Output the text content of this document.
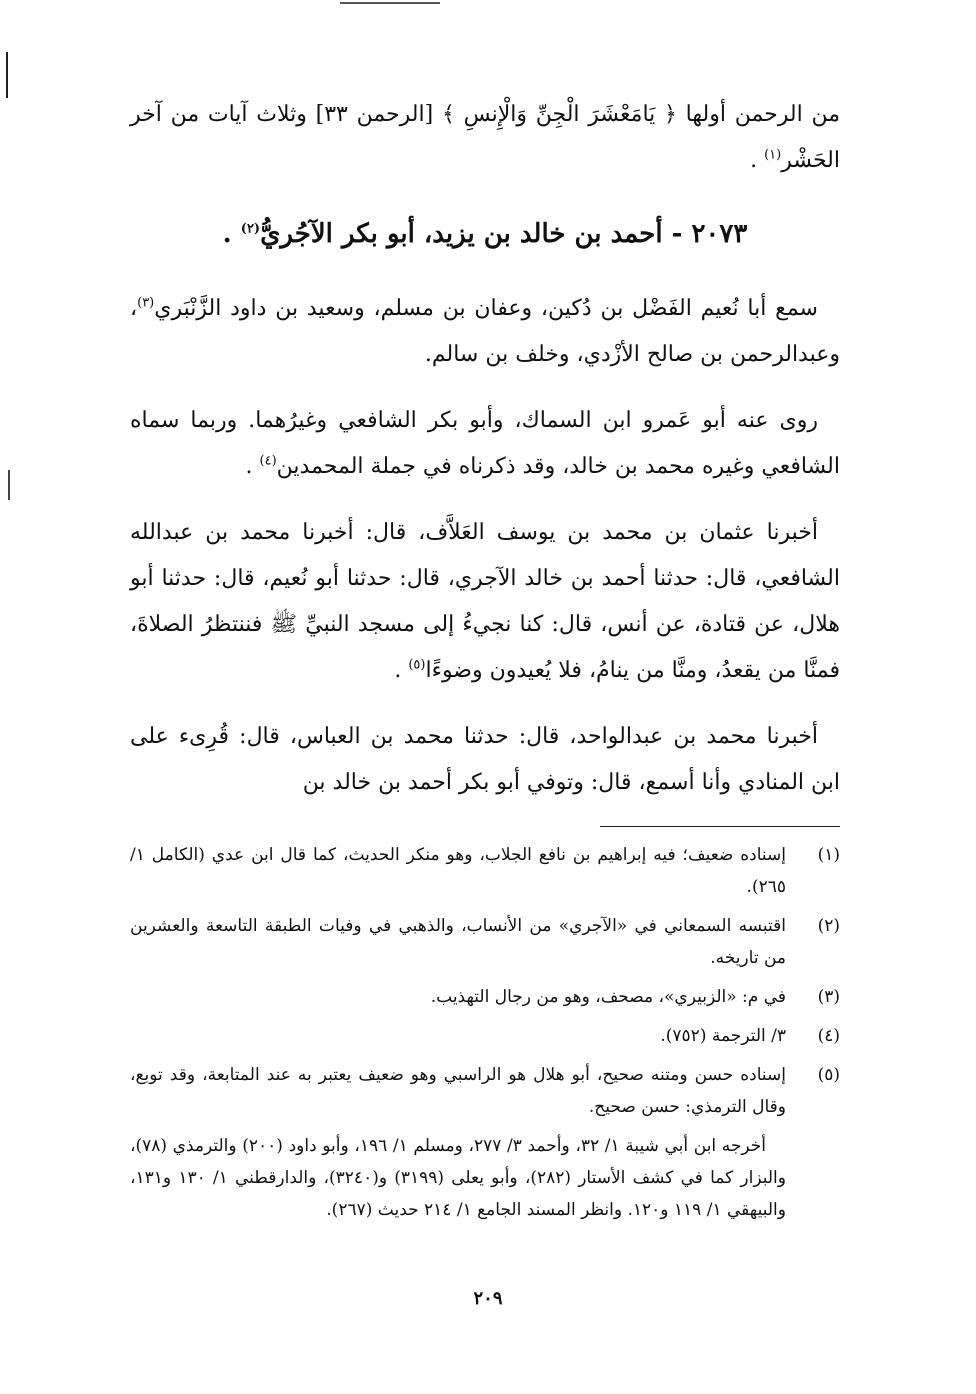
من الرحمن أولها ﴿ يَامَعْشَرَ الْجِنِّ وَالْإِنسِ ﴾ [الرحمن ٣٣] وثلاث آيات من آخر الحَشْر$^{(١)}$ .

٢٠٧٣ - أحمد بن خالد بن يزيد، أبو بكر الآجُريُّ$^{(٢)}$ .

سمع أبا نُعيم الفَضْل بن دُكين، وعفان بن مسلم، وسعيد بن داود الزَّنْبَري$^{(٣)}$، وعبدالرحمن بن صالح الأزْدي، وخلف بن سالم.

روى عنه أبو عَمرو ابن السماك، وأبو بكر الشافعي وغيرُهما. وربما سماه الشافعي وغيره محمد بن خالد، وقد ذكرناه في جملة المحمدين$^{(٤)}$ .

أخبرنا عثمان بن محمد بن يوسف العَلاَّف، قال: أخبرنا محمد بن عبدالله الشافعي، قال: حدثنا أحمد بن خالد الآجري، قال: حدثنا أبو نُعيم، قال: حدثنا أبو هلال، عن قتادة، عن أنس، قال: كنا نجيءُ إلى مسجد النبيِّ ﷺ فننتظرُ الصلاةَ، فمنَّا من يقعدُ، ومنَّا من ينامُ، فلا يُعيدون وضوءًا$^{(٥)}$ .

أخبرنا محمد بن عبدالواحد، قال: حدثنا محمد بن العباس، قال: قُرِىء على ابن المنادي وأنا أسمع، قال: وتوفي أبو بكر أحمد بن خالد بن

(١)
إسناده ضعيف؛ فيه إبراهيم بن نافع الجلاب، وهو منكر الحديث، كما قال ابن عدي (الكامل ١/ ٢٦٥).
(٢)
اقتبسه السمعاني في «الآجري» من الأنساب، والذهبي في وفيات الطبقة التاسعة والعشرين من تاريخه.
(٣)
في م: «الزبيري»، مصحف، وهو من رجال التهذيب.
(٤)
٣/ الترجمة (٧٥٢).
(٥)
إسناده حسن ومتنه صحيح، أبو هلال هو الراسبي وهو ضعيف يعتبر به عند المتابعة، وقد توبع، وقال الترمذي: حسن صحيح.
أخرجه ابن أبي شيبة ١/ ٣٢، وأحمد ٣/ ٢٧٧، ومسلم ١/ ١٩٦، وأبو داود (٢٠٠) والترمذي (٧٨)، والبزار كما في كشف الأستار (٢٨٢)، وأبو يعلى (٣١٩٩) و(٣٢٤٠)، والدارقطني ١/ ١٣٠ و١٣١، والبيهقي ١/ ١١٩ و١٢٠. وانظر المسند الجامع ١/ ٢١٤ حديث (٢٦٧).
٢٠٩
